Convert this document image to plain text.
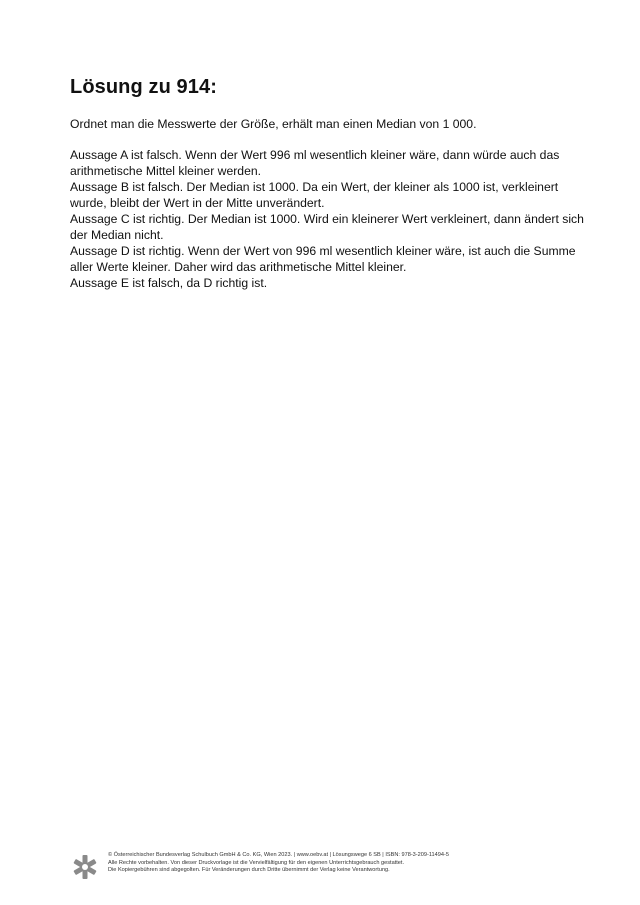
Lösung zu 914:

Ordnet man die Messwerte der Größe, erhält man einen Median von 1 000.

Aussage A ist falsch. Wenn der Wert 996 ml wesentlich kleiner wäre, dann würde auch das arithmetische Mittel kleiner werden.
Aussage B ist falsch. Der Median ist 1000. Da ein Wert, der kleiner als 1000 ist, verkleinert wurde, bleibt der Wert in der Mitte unverändert.
Aussage C ist richtig. Der Median ist 1000. Wird ein kleinerer Wert verkleinert, dann ändert sich der Median nicht.
Aussage D ist richtig. Wenn der Wert von 996 ml wesentlich kleiner wäre, ist auch die Summe aller Werte kleiner. Daher wird das arithmetische Mittel kleiner.
Aussage E ist falsch, da D richtig ist.
© Österreichischer Bundesverlag Schulbuch GmbH & Co. KG, Wien 2023. | www.oebv.at | Lösungswege 6 SB | ISBN: 978-3-209-11494-5
Alle Rechte vorbehalten. Von dieser Druckvorlage ist die Vervielfältigung für den eigenen Unterrichtsgebrauch gestattet.
Die Kopiergebühren sind abgegolten. Für Veränderungen durch Dritte übernimmt der Verlag keine Verantwortung.
